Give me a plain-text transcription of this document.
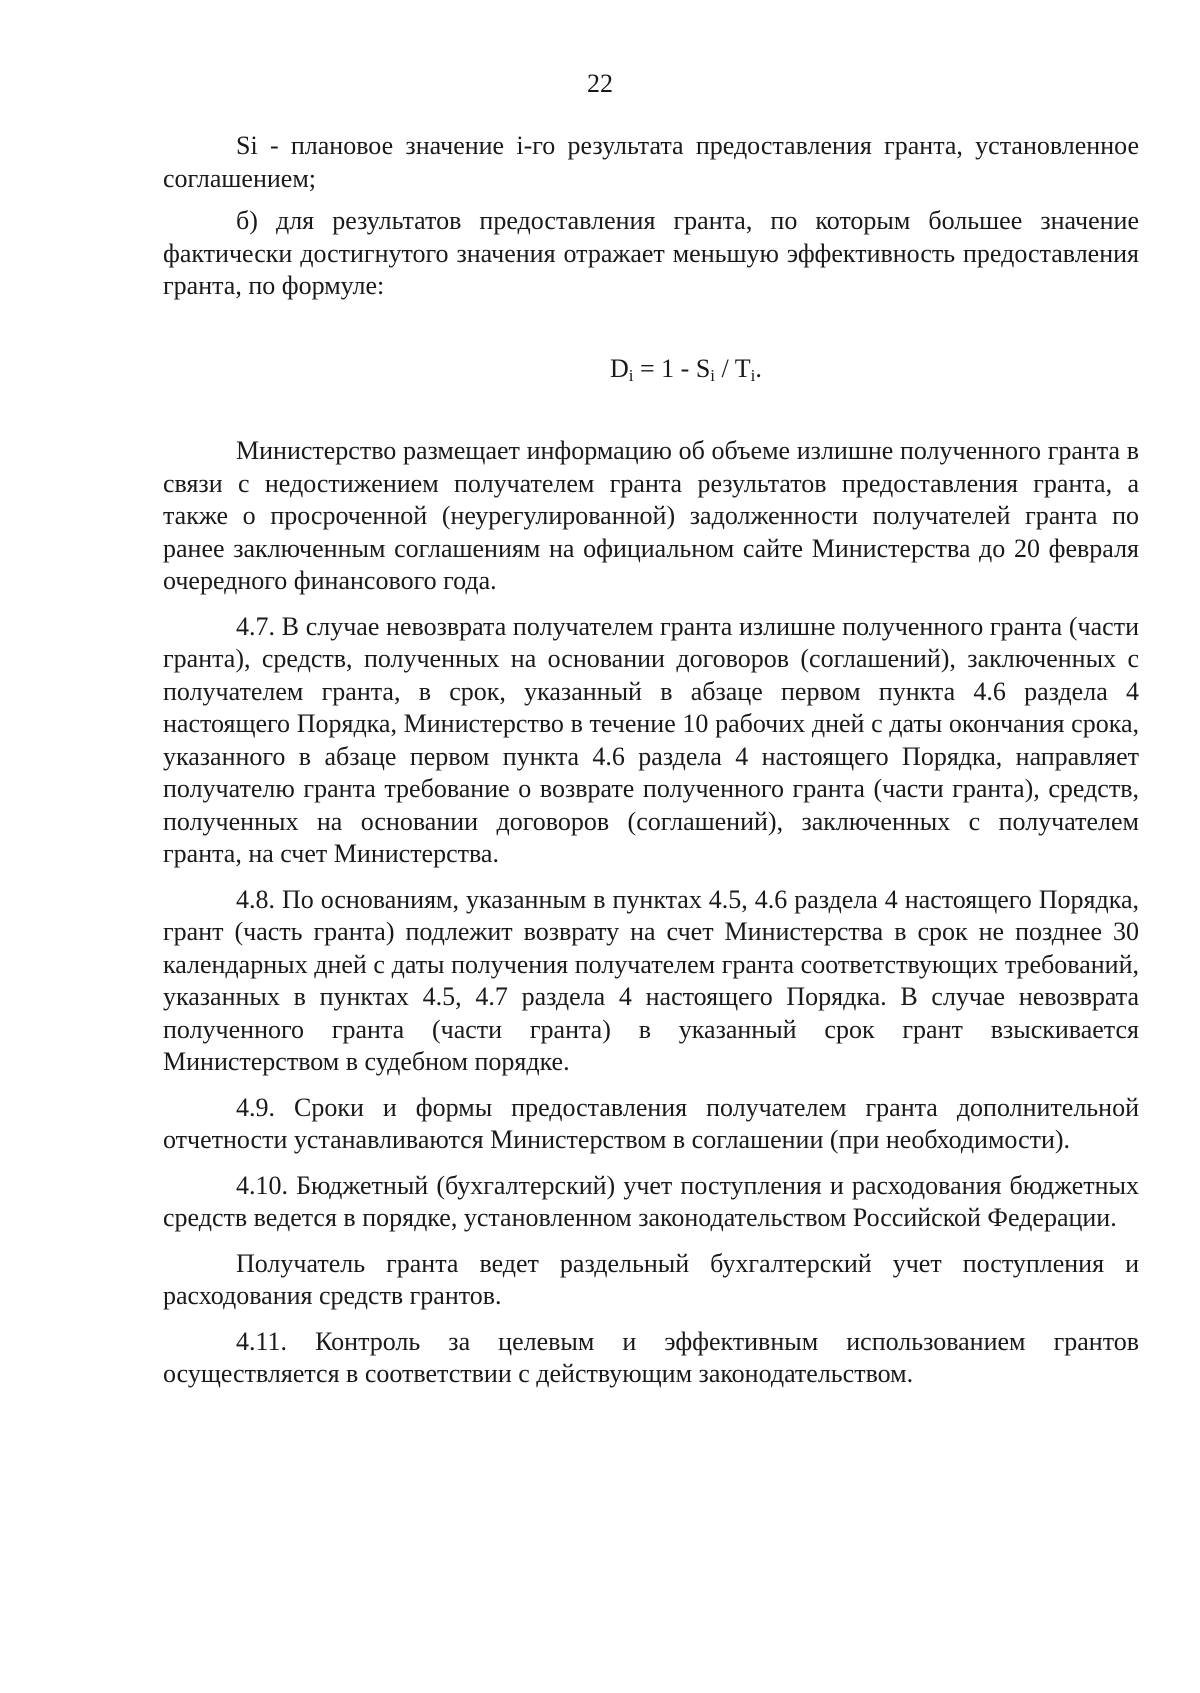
22

Si - плановое значение i-го результата предоставления гранта, установленное соглашением;

б) для результатов предоставления гранта, по которым большее значение фактически достигнутого значения отражает меньшую эффективность предоставления гранта, по формуле:

$D_i = 1 - S_i / T_i$.

Министерство размещает информацию об объеме излишне полученного гранта в связи с недостижением получателем гранта результатов предоставления гранта, а также о просроченной (неурегулированной) задолженности получателей гранта по ранее заключенным соглашениям на официальном сайте Министерства до 20 февраля очередного финансового года.

4.7. В случае невозврата получателем гранта излишне полученного гранта (части гранта), средств, полученных на основании договоров (соглашений), заключенных с получателем гранта, в срок, указанный в абзаце первом пункта 4.6 раздела 4 настоящего Порядка, Министерство в течение 10 рабочих дней с даты окончания срока, указанного в абзаце первом пункта 4.6 раздела 4 настоящего Порядка, направляет получателю гранта требование о возврате полученного гранта (части гранта), средств, полученных на основании договоров (соглашений), заключенных с получателем гранта, на счет Министерства.

4.8. По основаниям, указанным в пунктах 4.5, 4.6 раздела 4 настоящего Порядка, грант (часть гранта) подлежит возврату на счет Министерства в срок не позднее 30 календарных дней с даты получения получателем гранта соответствующих требований, указанных в пунктах 4.5, 4.7 раздела 4 настоящего Порядка. В случае невозврата полученного гранта (части гранта) в указанный срок грант взыскивается Министерством в судебном порядке.

4.9. Сроки и формы предоставления получателем гранта дополнительной отчетности устанавливаются Министерством в соглашении (при необходимости).

4.10. Бюджетный (бухгалтерский) учет поступления и расходования бюджетных средств ведется в порядке, установленном законодательством Российской Федерации.

Получатель гранта ведет раздельный бухгалтерский учет поступления и расходования средств грантов.

4.11. Контроль за целевым и эффективным использованием грантов осуществляется в соответствии с действующим законодательством.
